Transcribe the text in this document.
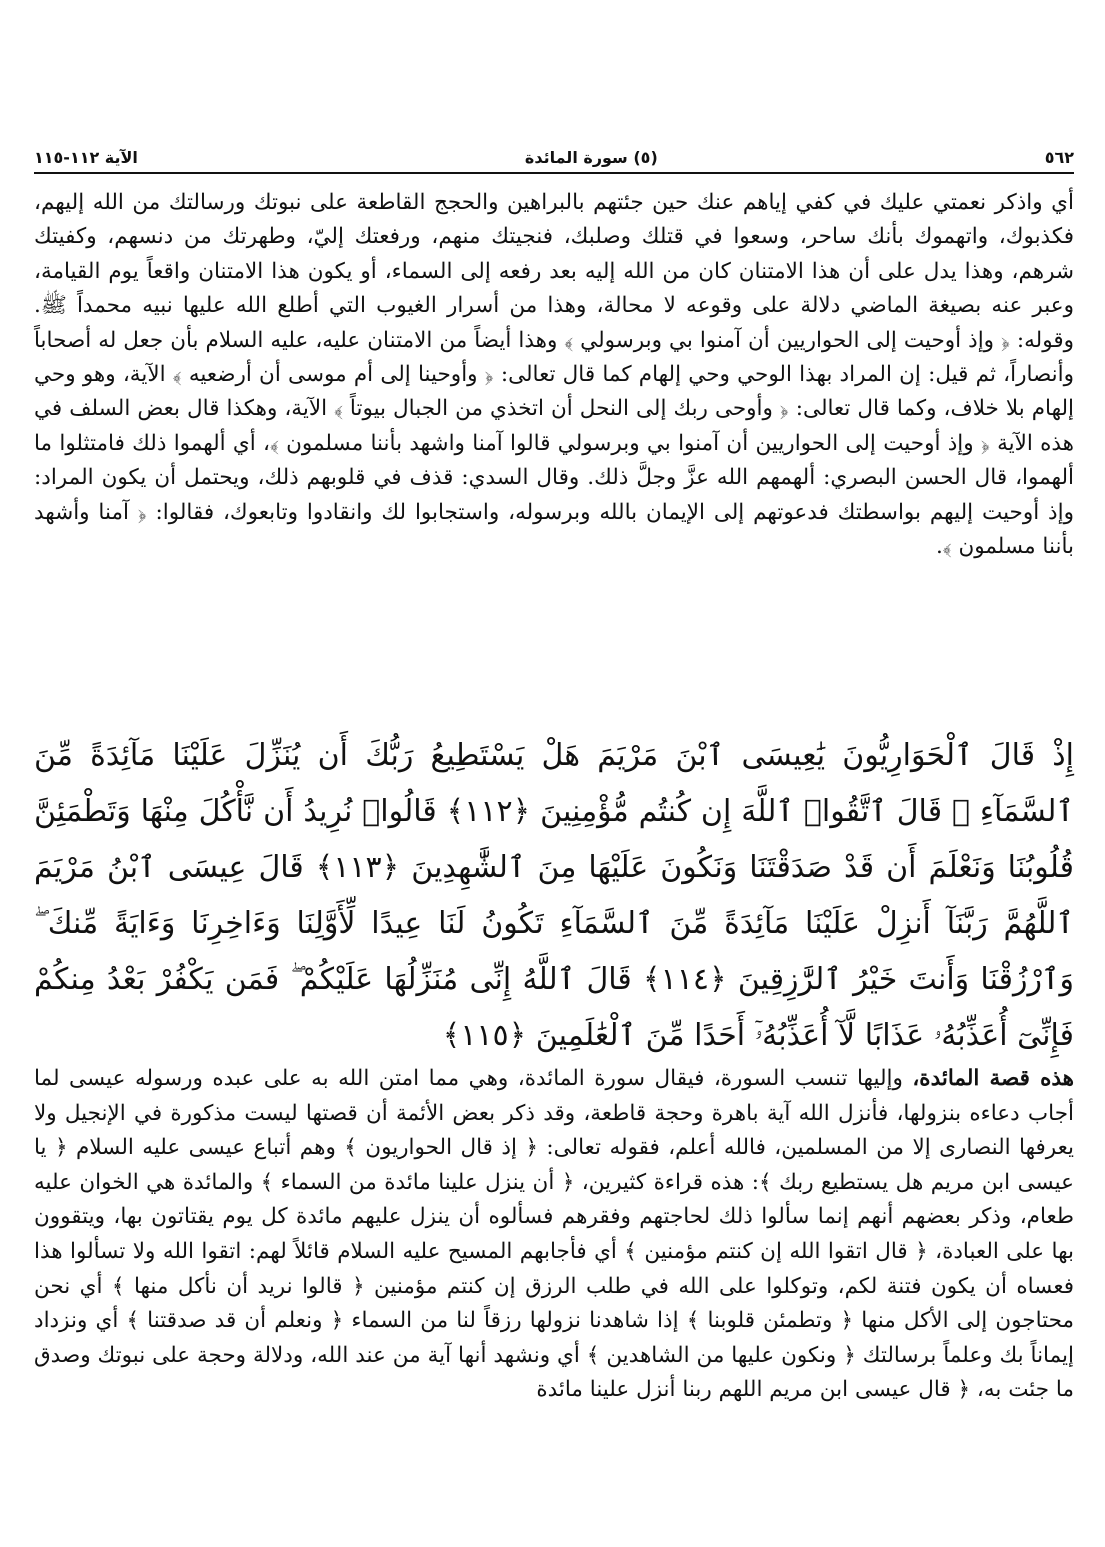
٥٦٢
(٥) سورة المائدة
الآية ١١٢-١١٥

أي واذكر نعمتي عليك في كفي إياهم عنك حين جئتهم بالبراهين والحجج القاطعة على نبوتك ورسالتك من الله إليهم، فكذبوك، واتهموك بأنك ساحر، وسعوا في قتلك وصلبك، فنجيتك منهم، ورفعتك إليّ، وطهرتك من دنسهم، وكفيتك شرهم، وهذا يدل على أن هذا الامتنان كان من الله إليه بعد رفعه إلى السماء، أو يكون هذا الامتنان واقعاً يوم القيامة، وعبر عنه بصيغة الماضي دلالة على وقوعه لا محالة، وهذا من أسرار الغيوب التي أطلع الله عليها نبيه محمداً ﷺ. وقوله: ﴿ وإذ أوحيت إلى الحواريين أن آمنوا بي وبرسولي ﴾ وهذا أيضاً من الامتنان عليه، عليه السلام بأن جعل له أصحاباً وأنصاراً، ثم قيل: إن المراد بهذا الوحي وحي إلهام كما قال تعالى: ﴿ وأوحينا إلى أم موسى أن أرضعيه ﴾ الآية، وهو وحي إلهام بلا خلاف، وكما قال تعالى: ﴿ وأوحى ربك إلى النحل أن اتخذي من الجبال بيوتاً ﴾ الآية، وهكذا قال بعض السلف في هذه الآية ﴿ وإذ أوحيت إلى الحواريين أن آمنوا بي وبرسولي قالوا آمنا واشهد بأننا مسلمون ﴾، أي ألهموا ذلك فامتثلوا ما ألهموا، قال الحسن البصري: ألهمهم الله عزَّ وجلَّ ذلك. وقال السدي: قذف في قلوبهم ذلك، ويحتمل أن يكون المراد: وإذ أوحيت إليهم بواسطتك فدعوتهم إلى الإيمان بالله وبرسوله، واستجابوا لك وانقادوا وتابعوك، فقالوا: ﴿ آمنا وأشهد بأننا مسلمون ﴾.

إِذْ قَالَ ٱلْحَوَارِيُّونَ يَٰعِيسَى ٱبْنَ مَرْيَمَ هَلْ يَسْتَطِيعُ رَبُّكَ أَن يُنَزِّلَ عَلَيْنَا مَآئِدَةً مِّنَ ٱلسَّمَآءِ ۖ قَالَ ٱتَّقُوا۟ ٱللَّهَ إِن كُنتُم مُّؤْمِنِينَ ﴿١١٢﴾ قَالُوا۟ نُرِيدُ أَن نَّأْكُلَ مِنْهَا وَتَطْمَئِنَّ قُلُوبُنَا وَنَعْلَمَ أَن قَدْ صَدَقْتَنَا وَنَكُونَ عَلَيْهَا مِنَ ٱلشَّٰهِدِينَ ﴿١١٣﴾ قَالَ عِيسَى ٱبْنُ مَرْيَمَ ٱللَّهُمَّ رَبَّنَآ أَنزِلْ عَلَيْنَا مَآئِدَةً مِّنَ ٱلسَّمَآءِ تَكُونُ لَنَا عِيدًا لِّأَوَّلِنَا وَءَاخِرِنَا وَءَايَةً مِّنكَ ۖ وَٱرْزُقْنَا وَأَنتَ خَيْرُ ٱلرَّٰزِقِينَ ﴿١١٤﴾ قَالَ ٱللَّهُ إِنِّى مُنَزِّلُهَا عَلَيْكُمْ ۖ فَمَن يَكْفُرْ بَعْدُ مِنكُمْ فَإِنِّىٓ أُعَذِّبُهُۥ عَذَابًا لَّآ أُعَذِّبُهُۥٓ أَحَدًا مِّنَ ٱلْعَٰلَمِينَ ﴿١١٥﴾

هذه قصة المائدة، وإليها تنسب السورة، فيقال سورة المائدة، وهي مما امتن الله به على عبده ورسوله عيسى لما أجاب دعاءه بنزولها، فأنزل الله آية باهرة وحجة قاطعة، وقد ذكر بعض الأئمة أن قصتها ليست مذكورة في الإنجيل ولا يعرفها النصارى إلا من المسلمين، فالله أعلم، فقوله تعالى: ﴿ إذ قال الحواريون ﴾ وهم أتباع عيسى عليه السلام ﴿ يا عيسى ابن مريم هل يستطيع ربك ﴾: هذه قراءة كثيرين، ﴿ أن ينزل علينا مائدة من السماء ﴾ والمائدة هي الخوان عليه طعام، وذكر بعضهم أنهم إنما سألوا ذلك لحاجتهم وفقرهم فسألوه أن ينزل عليهم مائدة كل يوم يقتاتون بها، ويتقوون بها على العبادة، ﴿ قال اتقوا الله إن كنتم مؤمنين ﴾ أي فأجابهم المسيح عليه السلام قائلاً لهم: اتقوا الله ولا تسألوا هذا فعساه أن يكون فتنة لكم، وتوكلوا على الله في طلب الرزق إن كنتم مؤمنين ﴿ قالوا نريد أن نأكل منها ﴾ أي نحن محتاجون إلى الأكل منها ﴿ وتطمئن قلوبنا ﴾ إذا شاهدنا نزولها رزقاً لنا من السماء ﴿ ونعلم أن قد صدقتنا ﴾ أي ونزداد إيماناً بك وعلماً برسالتك ﴿ ونكون عليها من الشاهدين ﴾ أي ونشهد أنها آية من عند الله، ودلالة وحجة على نبوتك وصدق ما جئت به، ﴿ قال عيسى ابن مريم اللهم ربنا أنزل علينا مائدة
